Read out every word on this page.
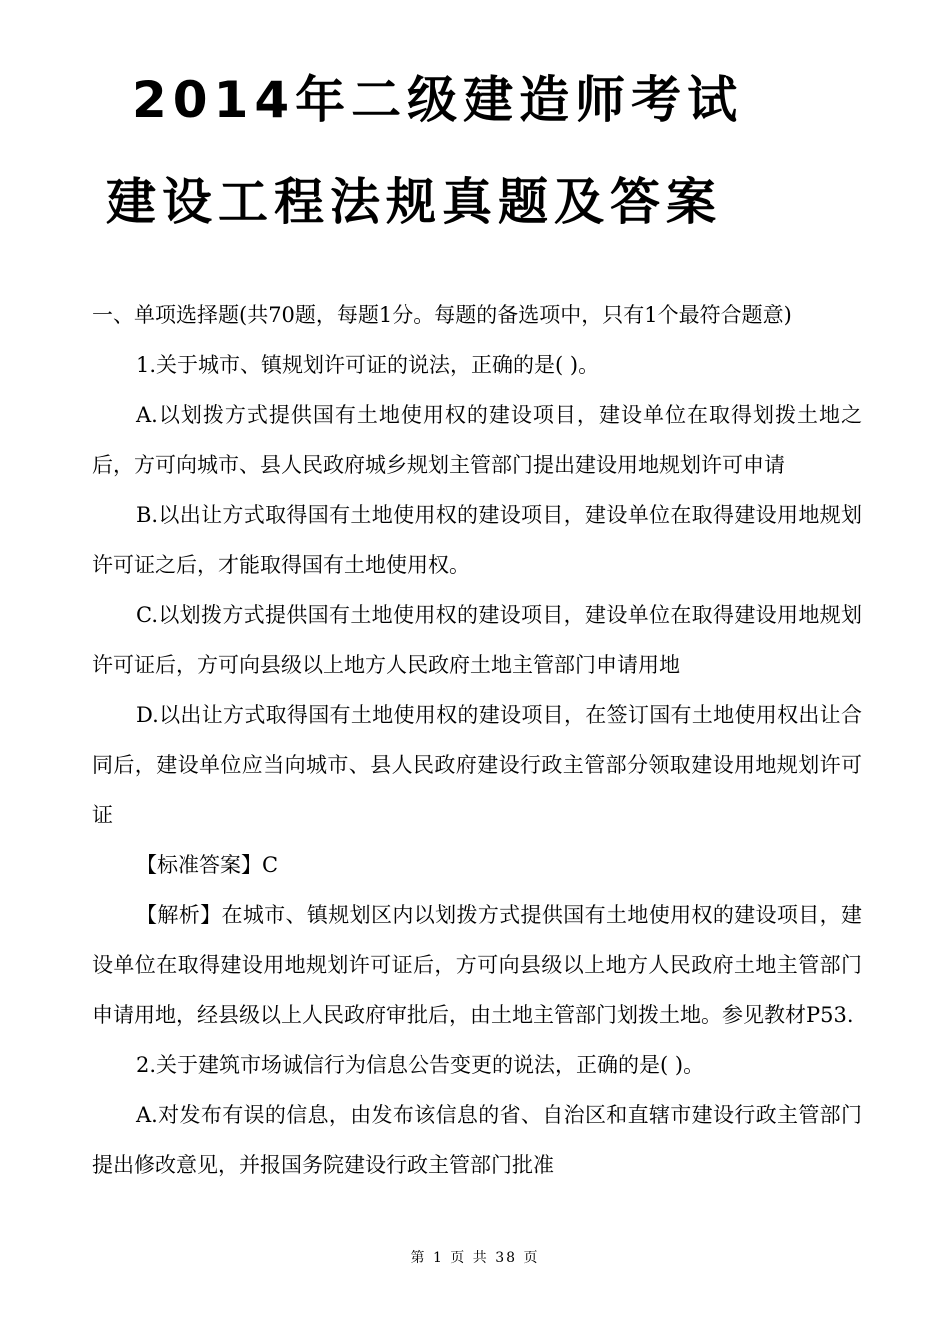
2014年二级建造师考试
建设工程法规真题及答案

一、单项选择题(共70题，每题1分。每题的备选项中，只有1个最符合题意)

1.关于城市、镇规划许可证的说法，正确的是( )。

A.以划拨方式提供国有土地使用权的建设项目，建设单位在取得划拨土地之后，方可向城市、县人民政府城乡规划主管部门提出建设用地规划许可申请

B.以出让方式取得国有土地使用权的建设项目，建设单位在取得建设用地规划许可证之后，才能取得国有土地使用权。

C.以划拨方式提供国有土地使用权的建设项目，建设单位在取得建设用地规划许可证后，方可向县级以上地方人民政府土地主管部门申请用地

D.以出让方式取得国有土地使用权的建设项目，在签订国有土地使用权出让合同后，建设单位应当向城市、县人民政府建设行政主管部分领取建设用地规划许可证

【标准答案】C

【解析】在城市、镇规划区内以划拨方式提供国有土地使用权的建设项目，建设单位在取得建设用地规划许可证后，方可向县级以上地方人民政府土地主管部门申请用地，经县级以上人民政府审批后，由土地主管部门划拨土地。参见教材P53.

2.关于建筑市场诚信行为信息公告变更的说法，正确的是( )。

A.对发布有误的信息，由发布该信息的省、自治区和直辖市建设行政主管部门提出修改意见，并报国务院建设行政主管部门批准

第 1 页 共 38 页
